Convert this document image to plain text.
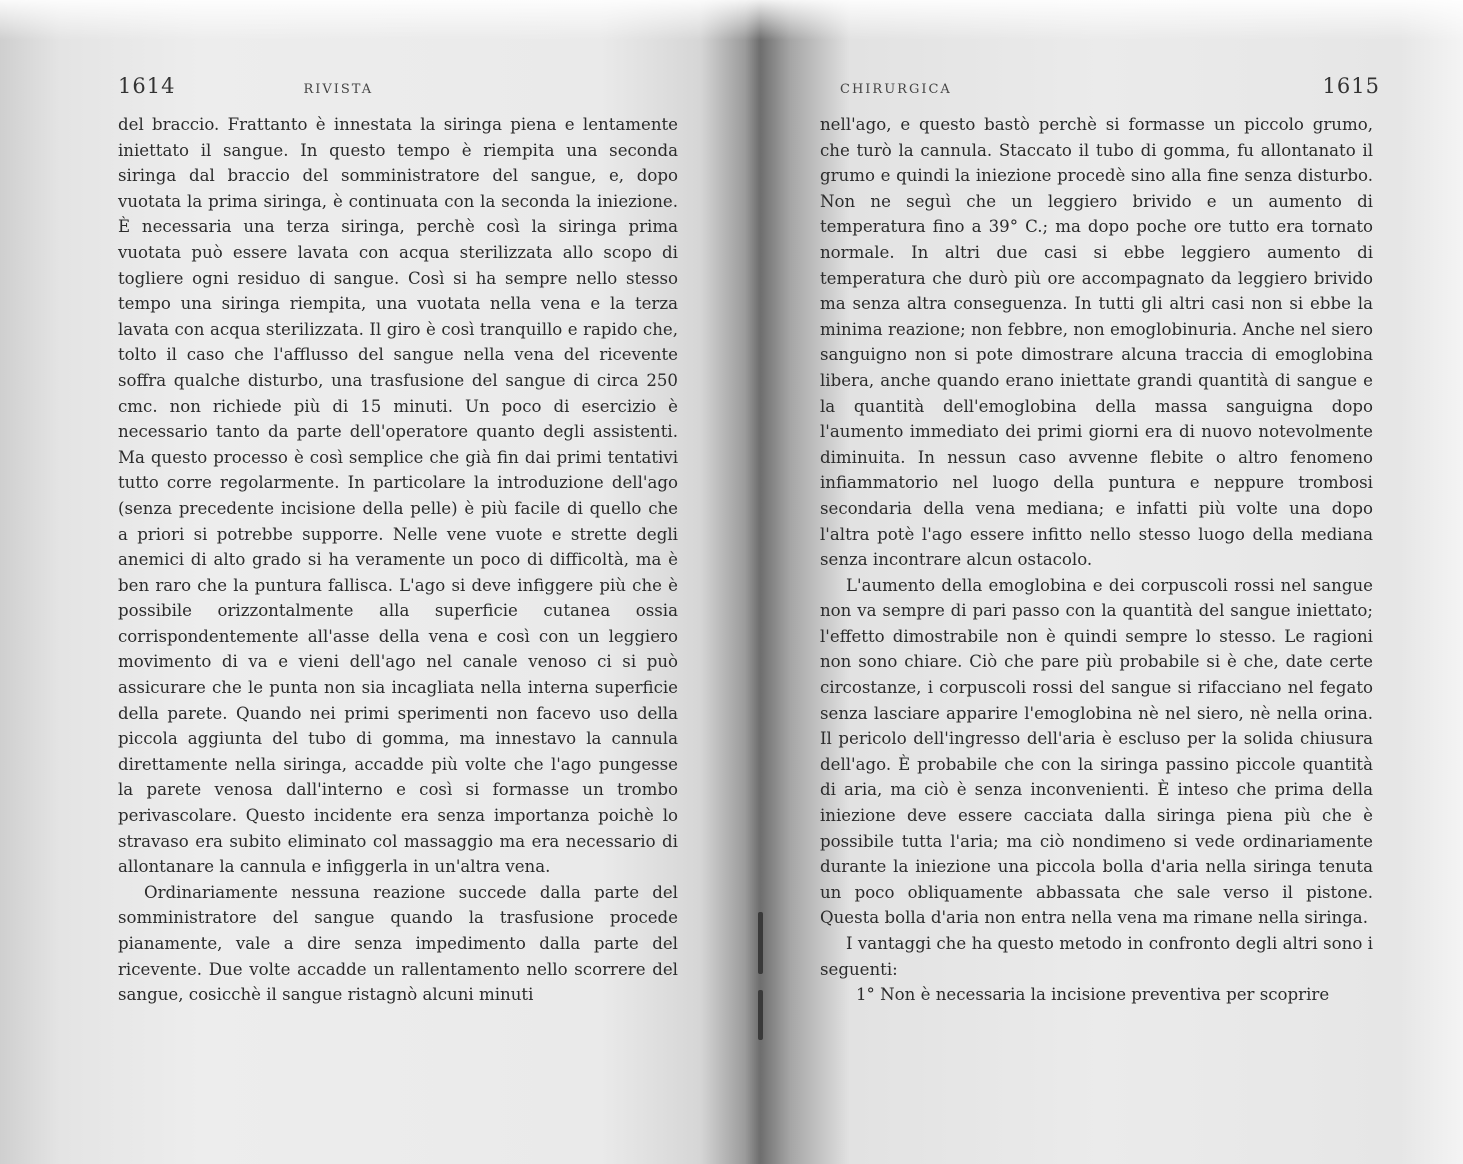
1614	RIVISTA

del braccio. Frattanto è innestata la siringa piena e lentamente iniettato il sangue. In questo tempo è riempita una seconda siringa dal braccio del somministratore del sangue, e, dopo vuotata la prima siringa, è continuata con la seconda la iniezione. È necessaria una terza siringa, perchè così la siringa prima vuotata può essere lavata con acqua sterilizzata allo scopo di togliere ogni residuo di sangue. Così si ha sempre nello stesso tempo una siringa riempita, una vuotata nella vena e la terza lavata con acqua sterilizzata. Il giro è così tranquillo e rapido che, tolto il caso che l'afflusso del sangue nella vena del ricevente soffra qualche disturbo, una trasfusione del sangue di circa 250 cmc. non richiede più di 15 minuti. Un poco di esercizio è necessario tanto da parte dell'operatore quanto degli assistenti. Ma questo processo è così semplice che già fin dai primi tentativi tutto corre regolarmente. In particolare la introduzione dell'ago (senza precedente incisione della pelle) è più facile di quello che a priori si potrebbe supporre. Nelle vene vuote e strette degli anemici di alto grado si ha veramente un poco di difficoltà, ma è ben raro che la puntura fallisca. L'ago si deve infiggere più che è possibile orizzontalmente alla superficie cutanea ossia corrispondentemente all'asse della vena e così con un leggiero movimento di va e vieni dell'ago nel canale venoso ci si può assicurare che le punta non sia incagliata nella interna superficie della parete. Quando nei primi sperimenti non facevo uso della piccola aggiunta del tubo di gomma, ma innestavo la cannula direttamente nella siringa, accadde più volte che l'ago pungesse la parete venosa dall'interno e così si formasse un trombo perivascolare. Questo incidente era senza importanza poichè lo stravaso era subito eliminato col massaggio ma era necessario di allontanare la cannula e infiggerla in un'altra vena.

Ordinariamente nessuna reazione succede dalla parte del somministratore del sangue quando la trasfusione procede pianamente, vale a dire senza impedimento dalla parte del ricevente. Due volte accadde un rallentamento nello scorrere del sangue, cosicchè il sangue ristagnò alcuni minuti

CHIRURGICA	1615

nell'ago, e questo bastò perchè si formasse un piccolo grumo, che turò la cannula. Staccato il tubo di gomma, fu allontanato il grumo e quindi la iniezione procedè sino alla fine senza disturbo. Non ne seguì che un leggiero brivido e un aumento di temperatura fino a 39° C.; ma dopo poche ore tutto era tornato normale. In altri due casi si ebbe leggiero aumento di temperatura che durò più ore accompagnato da leggiero brivido ma senza altra conseguenza. In tutti gli altri casi non si ebbe la minima reazione; non febbre, non emoglobinuria. Anche nel siero sanguigno non si pote dimostrare alcuna traccia di emoglobina libera, anche quando erano iniettate grandi quantità di sangue e la quantità dell'emoglobina della massa sanguigna dopo l'aumento immediato dei primi giorni era di nuovo notevolmente diminuita. In nessun caso avvenne flebite o altro fenomeno infiammatorio nel luogo della puntura e neppure trombosi secondaria della vena mediana; e infatti più volte una dopo l'altra potè l'ago essere infitto nello stesso luogo della mediana senza incontrare alcun ostacolo.

L'aumento della emoglobina e dei corpuscoli rossi nel sangue non va sempre di pari passo con la quantità del sangue iniettato; l'effetto dimostrabile non è quindi sempre lo stesso. Le ragioni non sono chiare. Ciò che pare più probabile si è che, date certe circostanze, i corpuscoli rossi del sangue si rifacciano nel fegato senza lasciare apparire l'emoglobina nè nel siero, nè nella orina. Il pericolo dell'ingresso dell'aria è escluso per la solida chiusura dell'ago. È probabile che con la siringa passino piccole quantità di aria, ma ciò è senza inconvenienti. È inteso che prima della iniezione deve essere cacciata dalla siringa piena più che è possibile tutta l'aria; ma ciò nondimeno si vede ordinariamente durante la iniezione una piccola bolla d'aria nella siringa tenuta un poco obliquamente abbassata che sale verso il pistone. Questa bolla d'aria non entra nella vena ma rimane nella siringa.

I vantaggi che ha questo metodo in confronto degli altri sono i seguenti:

1° Non è necessaria la incisione preventiva per scoprire
